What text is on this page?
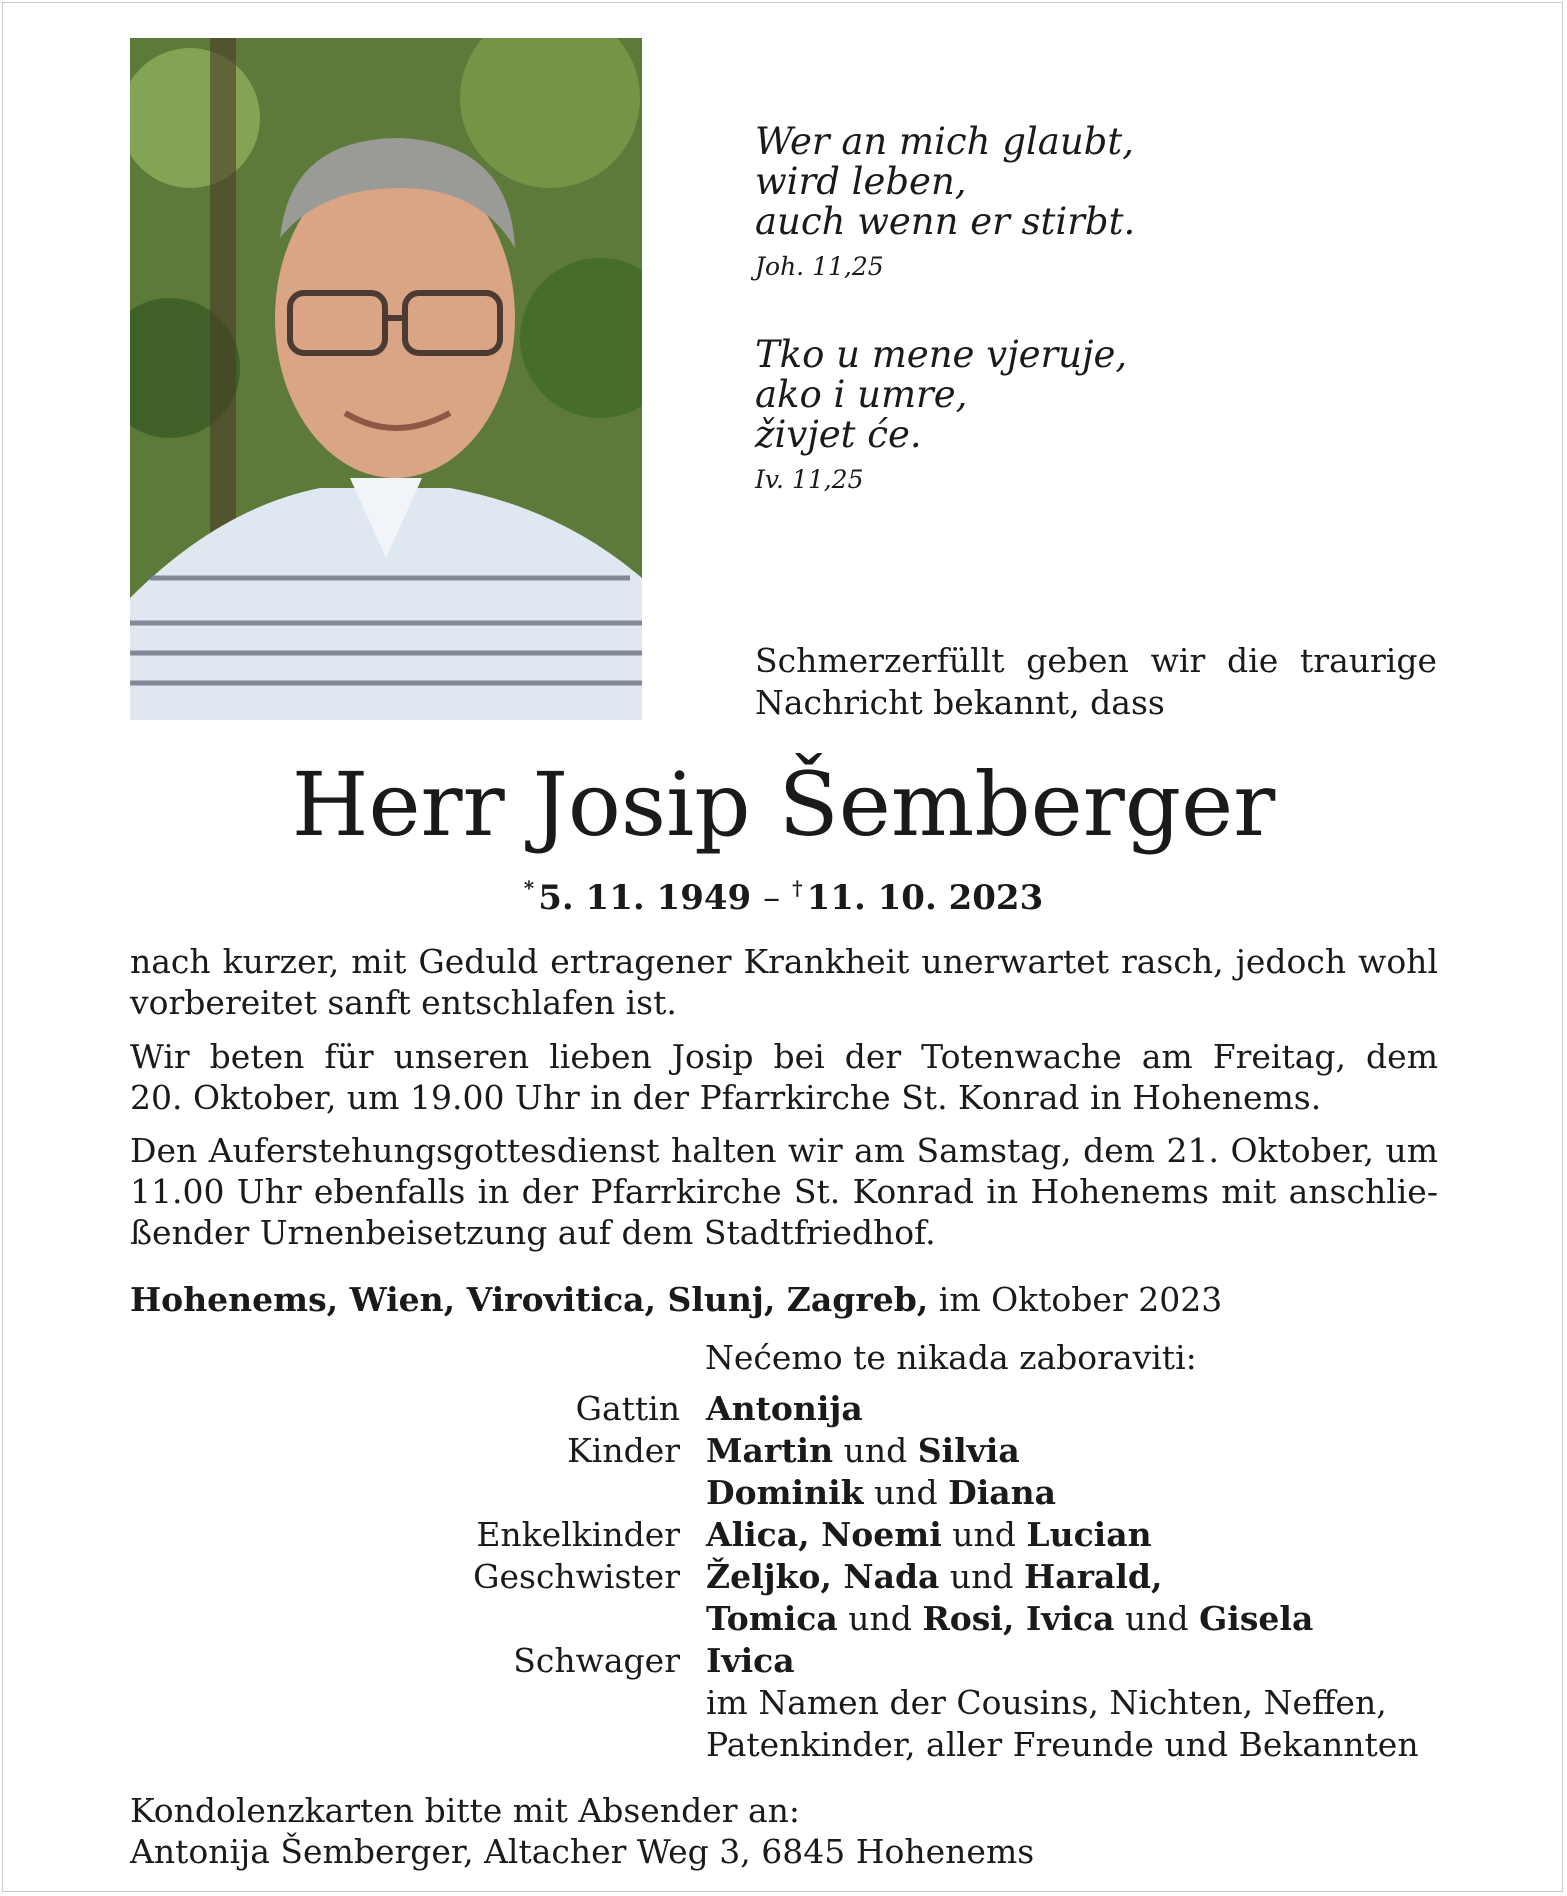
Wer an mich glaubt,
wird leben,
auch wenn er stirbt.
Joh. 11,25
Tko u mene vjeruje,
ako i umre,
živjet će.
Iv. 11,25
Schmerzerfüllt geben wir die traurige
Nachricht bekannt, dass
Herr Josip Šemberger
* 5. 11. 1949 – † 11. 10. 2023
nach kurzer, mit Geduld ertragener Krankheit unerwartet rasch, jedoch wohl
vorbereitet sanft entschlafen ist.
Wir beten für unseren lieben Josip bei der Totenwache am Freitag, dem
20. Oktober, um 19.00 Uhr in der Pfarrkirche St. Konrad in Hohenems.
Den Auferstehungsgottesdienst halten wir am Samstag, dem 21. Oktober, um
11.00 Uhr ebenfalls in der Pfarrkirche St. Konrad in Hohenems mit anschlie-
ßender Urnenbeisetzung auf dem Stadtfriedhof.
Hohenems, Wien, Virovitica, Slunj, Zagreb, im Oktober 2023
Nećemo te nikada zaboraviti:
Gattin Antonija
Kinder Martin und Silvia
Dominik und Diana
Enkelkinder Alica, Noemi und Lucian
Geschwister Željko, Nada und Harald,
Tomica und Rosi, Ivica und Gisela
Schwager Ivica
im Namen der Cousins, Nichten, Neffen,
Patenkinder, aller Freunde und Bekannten
Kondolenzkarten bitte mit Absender an:
Antonija Šemberger, Altacher Weg 3, 6845 Hohenems
